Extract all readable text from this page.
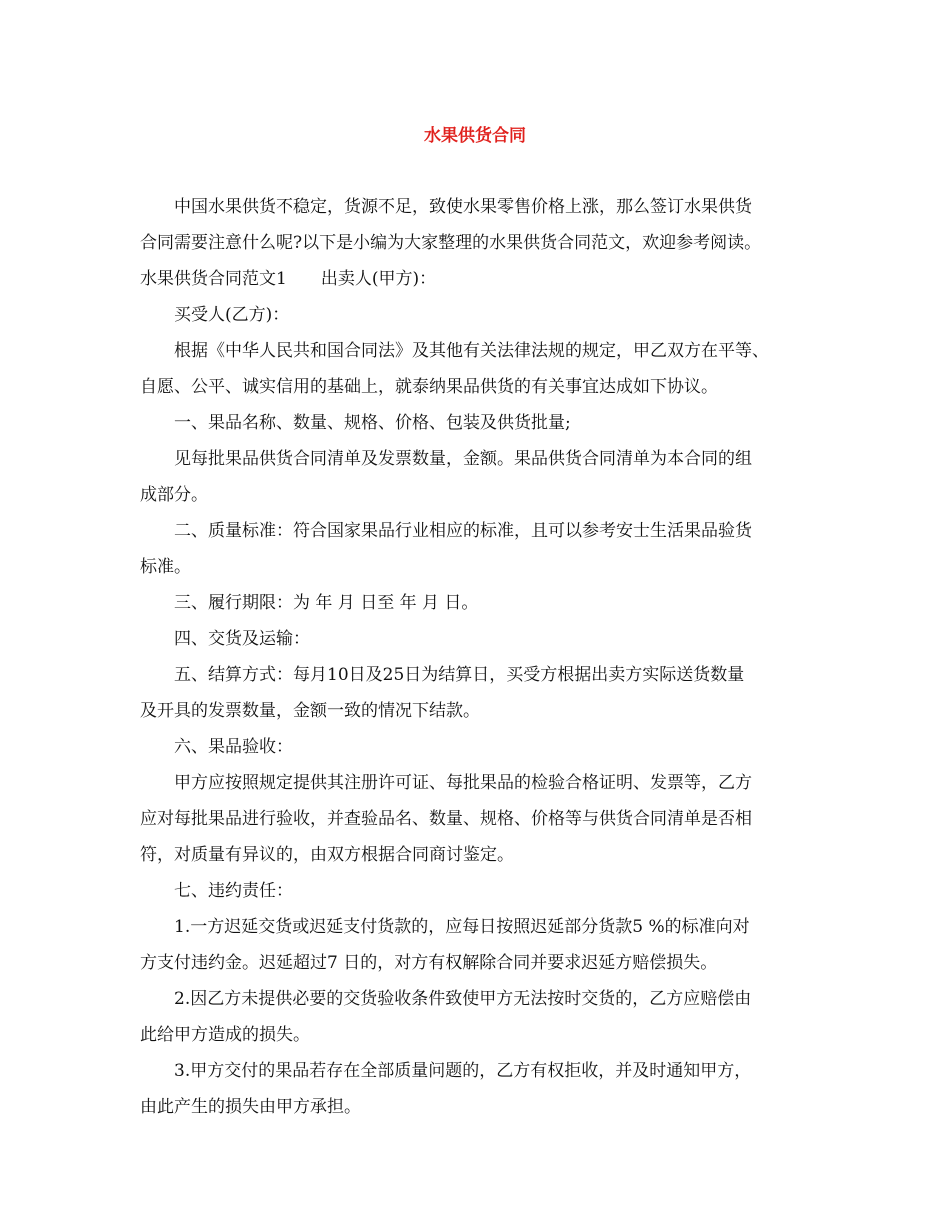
水果供货合同
中国水果供货不稳定，货源不足，致使水果零售价格上涨，那么签订水果供货
合同需要注意什么呢?以下是小编为大家整理的水果供货合同范文，欢迎参考阅读。
水果供货合同范文1 出卖人(甲方)：
买受人(乙方)：
根据《中华人民共和国合同法》及其他有关法律法规的规定，甲乙双方在平等、
自愿、公平、诚实信用的基础上，就泰纳果品供货的有关事宜达成如下协议。
一、果品名称、数量、规格、价格、包装及供货批量;
见每批果品供货合同清单及发票数量，金额。果品供货合同清单为本合同的组
成部分。
二、质量标准：符合国家果品行业相应的标准，且可以参考安士生活果品验货
标准。
三、履行期限：为 年 月 日至 年 月 日。
四、交货及运输：
五、结算方式：每月10日及25日为结算日，买受方根据出卖方实际送货数量
及开具的发票数量，金额一致的情况下结款。
六、果品验收：
甲方应按照规定提供其注册许可证、每批果品的检验合格证明、发票等，乙方
应对每批果品进行验收，并查验品名、数量、规格、价格等与供货合同清单是否相
符，对质量有异议的，由双方根据合同商讨鉴定。
七、违约责任：
1.一方迟延交货或迟延支付货款的，应每日按照迟延部分货款5 %的标准向对
方支付违约金。迟延超过7 日的，对方有权解除合同并要求迟延方赔偿损失。
2.因乙方未提供必要的交货验收条件致使甲方无法按时交货的，乙方应赔偿由
此给甲方造成的损失。
3.甲方交付的果品若存在全部质量问题的，乙方有权拒收，并及时通知甲方，
由此产生的损失由甲方承担。
